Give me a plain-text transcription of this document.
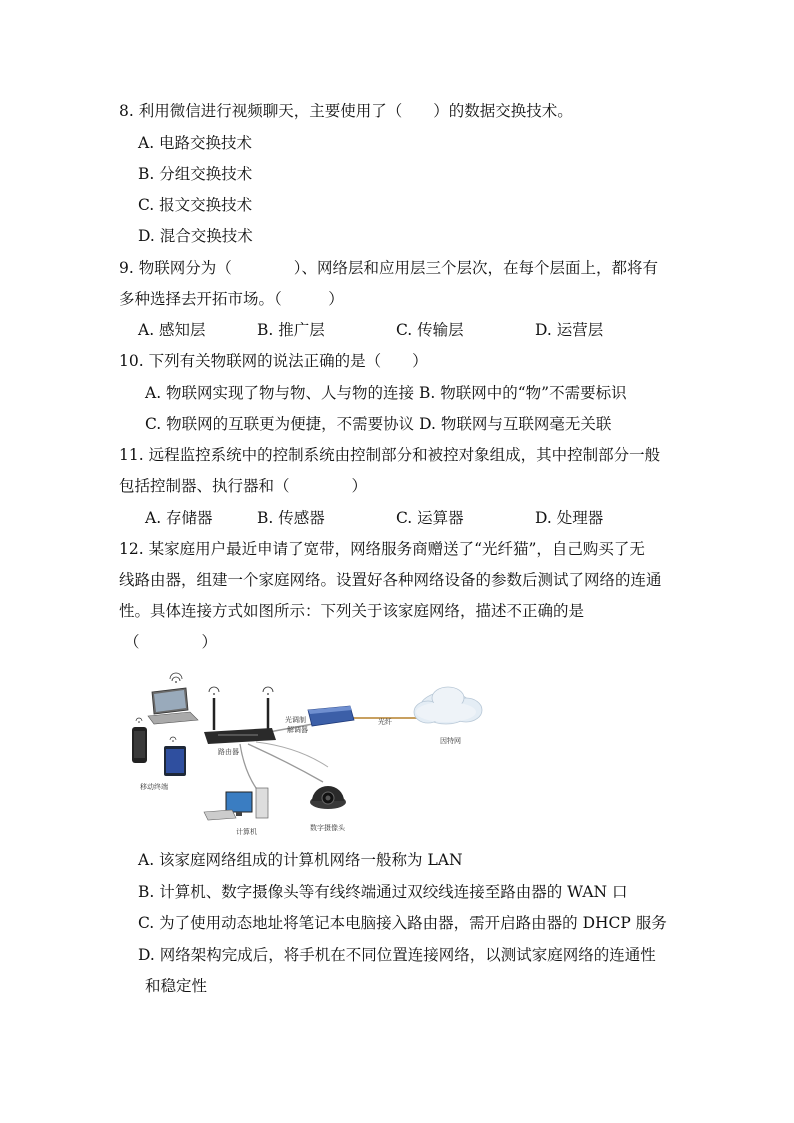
8. 利用微信进行视频聊天，主要使用了（　　）的数据交换技术。
A. 电路交换技术
B. 分组交换技术
C. 报文交换技术
D. 混合交换技术
9. 物联网分为（　　　　）、网络层和应用层三个层次，在每个层面上，都将有
多种选择去开拓市场。（　　　）
A. 感知层	B. 推广层	C. 传输层	D. 运营层
10. 下列有关物联网的说法正确的是（　　）
A. 物联网实现了物与物、人与物的连接 B. 物联网中的“物”不需要标识
C. 物联网的互联更为便捷，不需要协议 D. 物联网与互联网毫无关联
11. 远程监控系统中的控制系统由控制部分和被控对象组成，其中控制部分一般
包括控制器、执行器和（　　　　）
A. 存储器	B. 传感器	C. 运算器	D. 处理器
12. 某家庭用户最近申请了宽带，网络服务商赠送了“光纤猫”，自己购买了无
线路由器，组建一个家庭网络。设置好各种网络设备的参数后测试了网络的连通
性。具体连接方式如图所示：下列关于该家庭网络，描述不正确的是
（　　　　）
移动终端
路由器
光调制
解调器
光纤
因特网
计算机	数字摄像头
A. 该家庭网络组成的计算机网络一般称为 LAN
B. 计算机、数字摄像头等有线终端通过双绞线连接至路由器的 WAN 口
C. 为了使用动态地址将笔记本电脑接入路由器，需开启路由器的 DHCP 服务
D. 网络架构完成后，将手机在不同位置连接网络，以测试家庭网络的连通性
和稳定性
